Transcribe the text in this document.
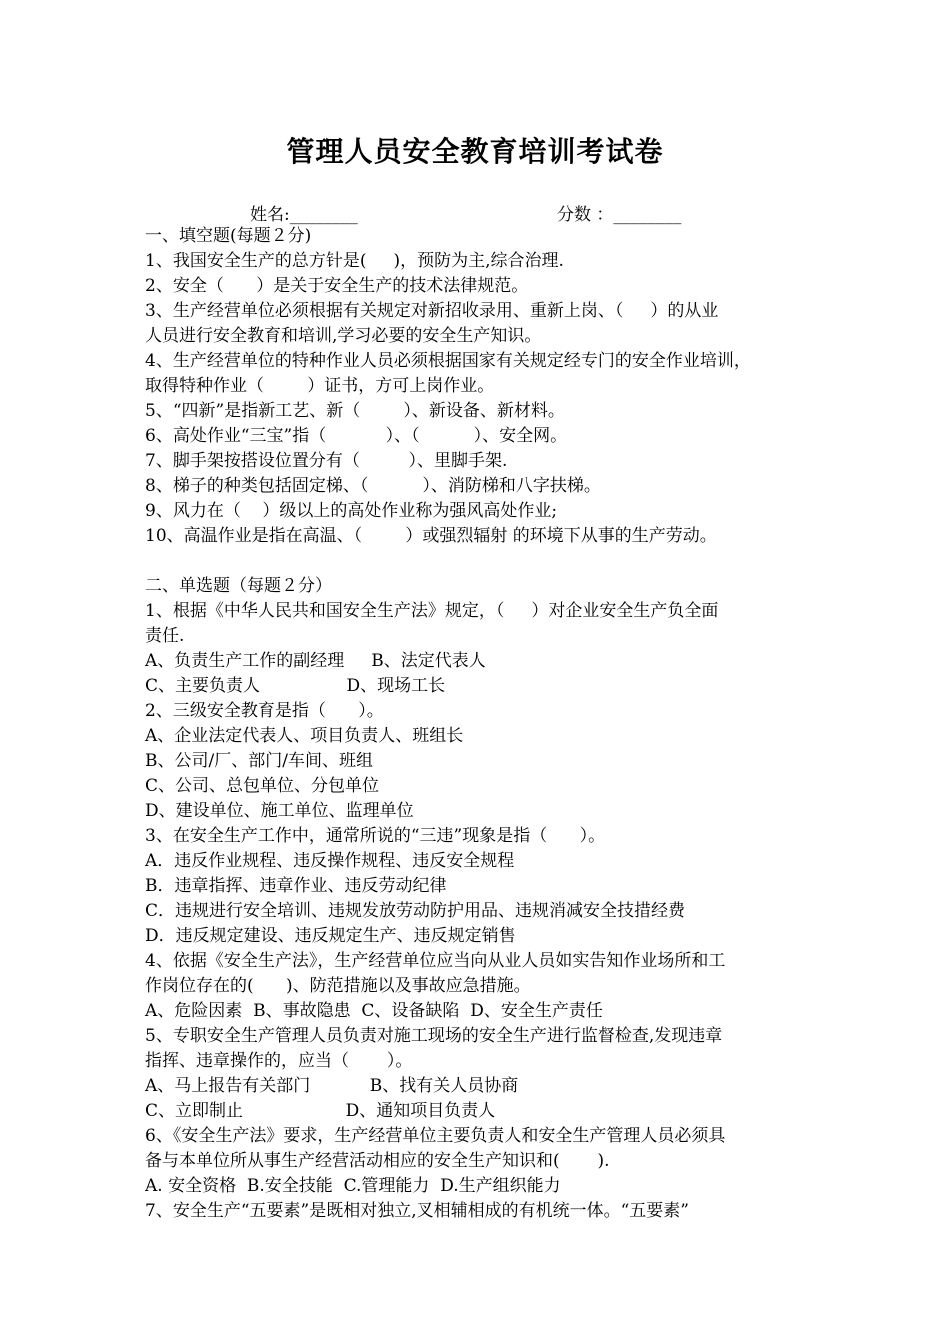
管理人员安全教育培训考试卷
姓名:________	分数 ：________
一、填空题(每题２分)
1、我国安全生产的总方针是(     )，预防为主,综合治理.
2、安全（      ）是关于安全生产的技术法律规范。
3、生产经营单位必须根据有关规定对新招收录用、重新上岗、（     ）的从业
人员进行安全教育和培训,学习必要的安全生产知识。
4、生产经营单位的特种作业人员必须根据国家有关规定经专门的安全作业培训，
取得特种作业（        ）证书，方可上岗作业。
5、“四新”是指新工艺、新（        ）、新设备、新材料。
6、高处作业“三宝”指（           ）、（          ）、安全网。
7、脚手架按搭设位置分有（         ）、里脚手架.
8、梯子的种类包括固定梯、（          ）、消防梯和八字扶梯。
9、风力在（    ）级以上的高处作业称为强风高处作业;
10、高温作业是指在高温、（        ）或强烈辐射 的环境下从事的生产劳动。
二、单选题（每题２分）
1、根据《中华人民共和国安全生产法》规定，（     ）对企业安全生产负全面
责任.
A、负责生产工作的副经理     B、法定代表人
C、主要负责人                D、现场工长
2、三级安全教育是指（      ）。
A、企业法定代表人、项目负责人、班组长
B、公司/厂、部门/车间、班组
C、公司、总包单位、分包单位
D、建设单位、施工单位、监理单位
3、在安全生产工作中，通常所说的“三违”现象是指（      ）。
A．违反作业规程、违反操作规程、违反安全规程
B．违章指挥、违章作业、违反劳动纪律
C．违规进行安全培训、违规发放劳动防护用品、违规消减安全技措经费
D．违反规定建设、违反规定生产、违反规定销售
4、依据《安全生产法》，生产经营单位应当向从业人员如实告知作业场所和工
作岗位存在的(      )、防范措施以及事故应急措施。
A、危险因素  B、事故隐患  C、设备缺陷  D、安全生产责任
5、专职安全生产管理人员负责对施工现场的安全生产进行监督检查,发现违章
指挥、违章操作的，应当（       ）。
A、马上报告有关部门           B、找有关人员协商
C、立即制止                   D、通知项目负责人
6、《安全生产法》要求，生产经营单位主要负责人和安全生产管理人员必须具
备与本单位所从事生产经营活动相应的安全生产知识和(       ).
A. 安全资格  B.安全技能  C.管理能力  D.生产组织能力
7、安全生产“五要素”是既相对独立,叉相辅相成的有机统一体。“五要素”
